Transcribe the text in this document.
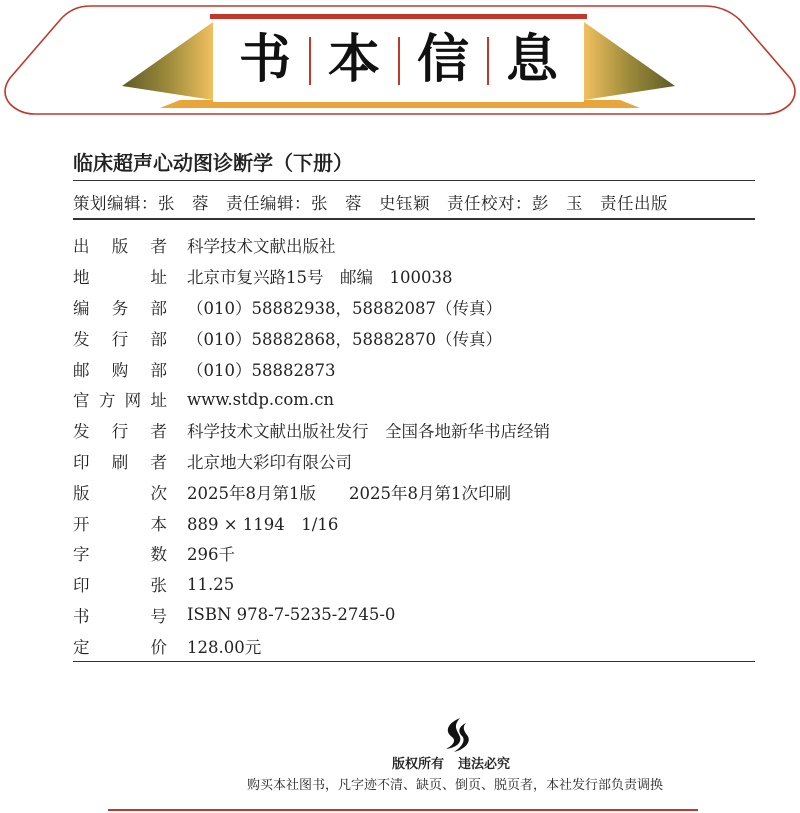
书 本 信 息
临床超声心动图诊断学（下册）
策划编辑：张　蓉　责任编辑：张　蓉　史钰颖　责任校对：彭　玉　责任出版
出 版 者 科学技术文献出版社
地	址 北京市复兴路15号　邮编　100038
编 务 部 （010）58882938，58882087（传真）
发 行 部 （010）58882868，58882870（传真）
邮 购 部 （010）58882873
官 方 网 址 www.stdp.com.cn
发 行 者 科学技术文献出版社发行　全国各地新华书店经销
印 刷 者 北京地大彩印有限公司
版	次 2025年8月第1版　　2025年8月第1次印刷
开	本 889 × 1194　1/16
字	数 296千
印	张 11.25
书	号 ISBN 978-7-5235-2745-0
定	价 128.00元
版权所有 违法必究
购买本社图书，凡字迹不清、缺页、倒页、脱页者，本社发行部负责调换
